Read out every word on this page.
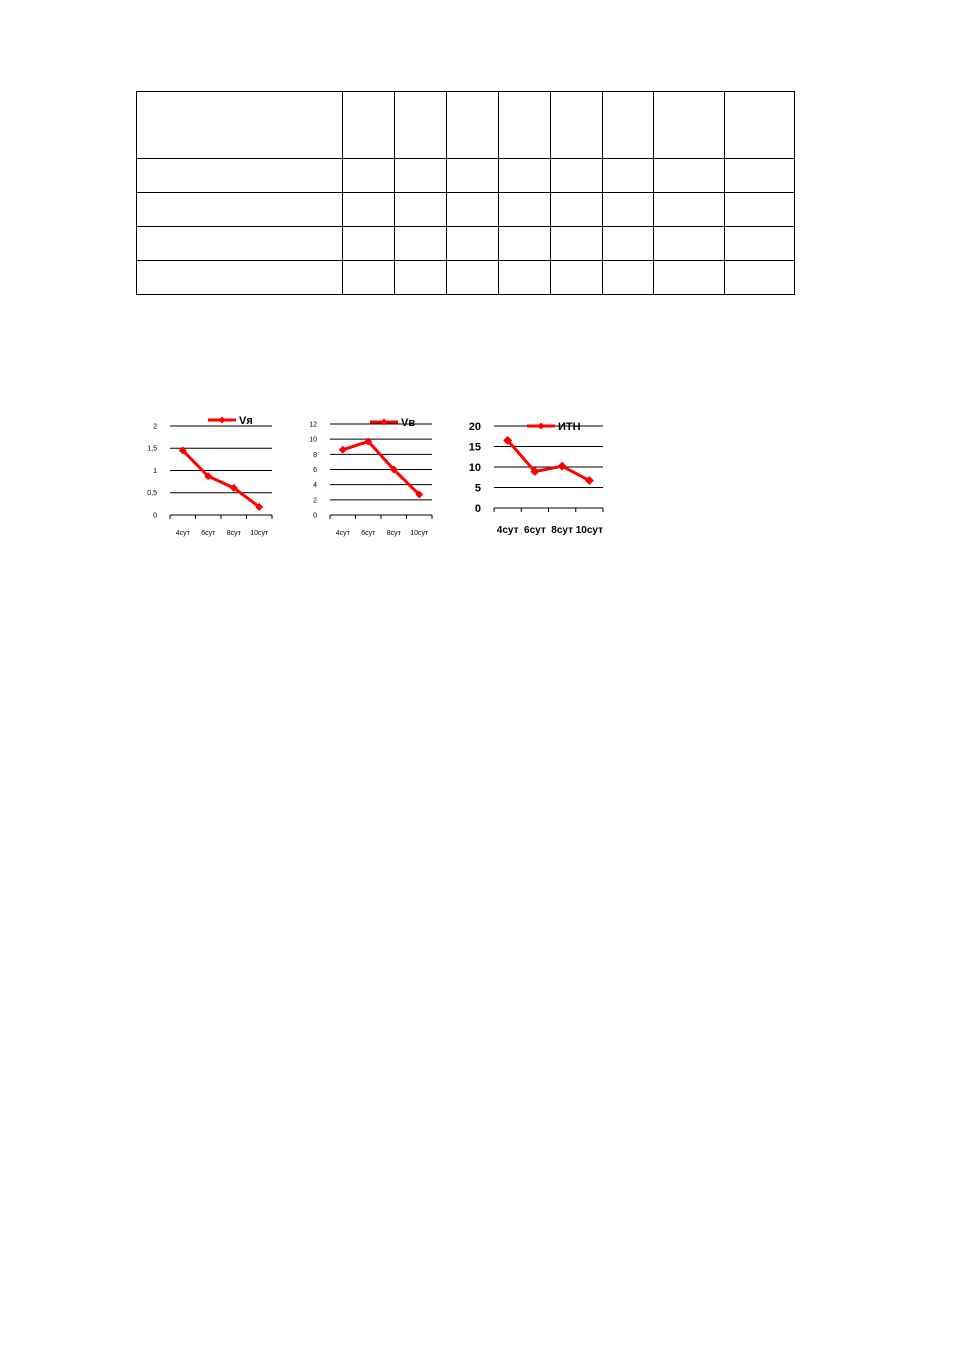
0
0,5
1
1,5
2
4сут 6сут 8сут 10сут
Vя
0
2
4
6
8
10
12
4сут 6сут 8сут 10сут
Vв
0
5
10
15
20
4сут 6сут 8сут 10сут
ИТН
